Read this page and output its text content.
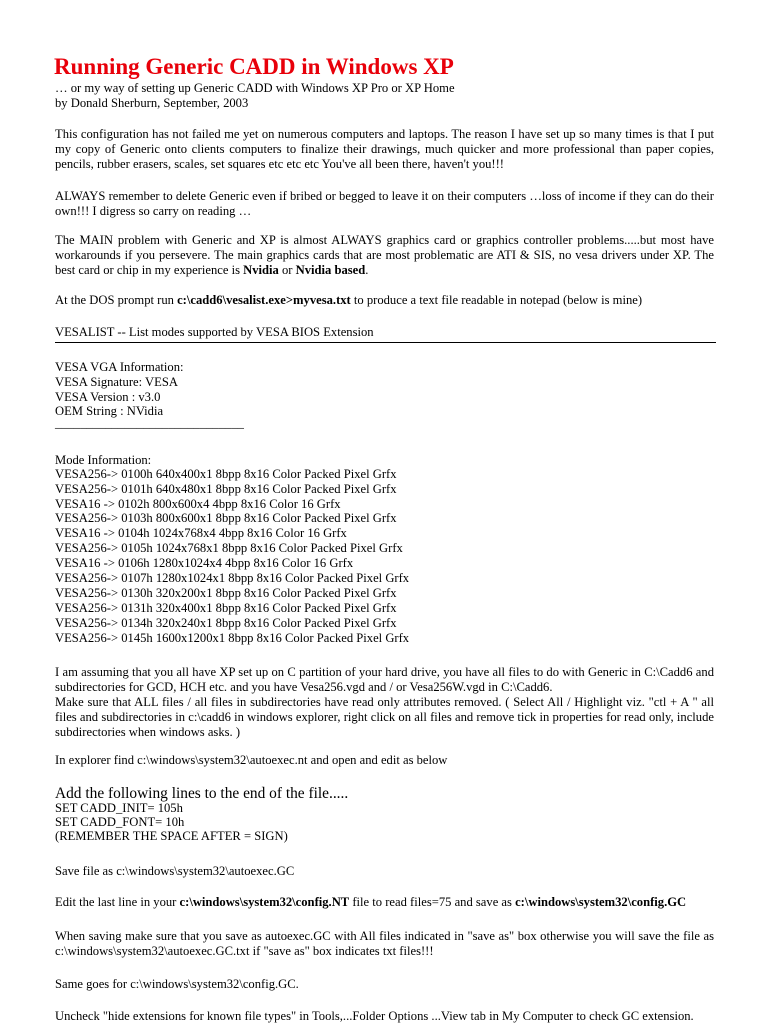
Running Generic CADD in Windows XP
… or my way of setting up Generic CADD with Windows XP Pro or XP Home
by Donald Sherburn, September, 2003
This configuration has not failed me yet on numerous computers and laptops. The reason I have set up so many times is that I put my copy of Generic onto clients computers to finalize their drawings, much quicker and more professional than paper copies, pencils, rubber erasers, scales, set squares etc etc etc You've all been there, haven't you!!!
ALWAYS remember to delete Generic even if bribed or begged to leave it on their computers …loss of income if they can do their own!!! I digress so carry on reading …
The MAIN problem with Generic and XP is almost ALWAYS graphics card or graphics controller problems.....but most have workarounds if you persevere. The main graphics cards that are most problematic are ATI & SIS, no vesa drivers under XP. The best card or chip in my experience is Nvidia or Nvidia based.
At the DOS prompt run c:\cadd6\vesalist.exe>myvesa.txt to produce a text file readable in notepad (below is mine)
VESALIST -- List modes supported by VESA BIOS Extension
VESA VGA Information:
VESA Signature: VESA
VESA Version : v3.0
OEM String : NVidia
______________________________
Mode Information:
VESA256-> 0100h 640x400x1 8bpp 8x16 Color Packed Pixel Grfx
VESA256-> 0101h 640x480x1 8bpp 8x16 Color Packed Pixel Grfx
VESA16 -> 0102h 800x600x4 4bpp 8x16 Color 16 Grfx
VESA256-> 0103h 800x600x1 8bpp 8x16 Color Packed Pixel Grfx
VESA16 -> 0104h 1024x768x4 4bpp 8x16 Color 16 Grfx
VESA256-> 0105h 1024x768x1 8bpp 8x16 Color Packed Pixel Grfx
VESA16 -> 0106h 1280x1024x4 4bpp 8x16 Color 16 Grfx
VESA256-> 0107h 1280x1024x1 8bpp 8x16 Color Packed Pixel Grfx
VESA256-> 0130h 320x200x1 8bpp 8x16 Color Packed Pixel Grfx
VESA256-> 0131h 320x400x1 8bpp 8x16 Color Packed Pixel Grfx
VESA256-> 0134h 320x240x1 8bpp 8x16 Color Packed Pixel Grfx
VESA256-> 0145h 1600x1200x1 8bpp 8x16 Color Packed Pixel Grfx
I am assuming that you all have XP set up on C partition of your hard drive, you have all files to do with Generic in C:\Cadd6 and subdirectories for GCD, HCH etc. and you have Vesa256.vgd and / or Vesa256W.vgd in C:\Cadd6.
Make sure that ALL files / all files in subdirectories have read only attributes removed. ( Select All / Highlight viz. "ctl + A " all files and subdirectories in c:\cadd6 in windows explorer, right click on all files and remove tick in properties for read only, include subdirectories when windows asks. )
In explorer find c:\windows\system32\autoexec.nt and open and edit as below
Add the following lines to the end of the file.....
SET CADD_INIT= 105h
SET CADD_FONT= 10h
(REMEMBER THE SPACE AFTER = SIGN)
Save file as c:\windows\system32\autoexec.GC
Edit the last line in your c:\windows\system32\config.NT file to read files=75 and save as c:\windows\system32\config.GC
When saving make sure that you save as autoexec.GC with All files indicated in "save as" box otherwise you will save the file as c:\windows\system32\autoexec.GC.txt if "save as" box indicates txt files!!!
Same goes for c:\windows\system32\config.GC.
Uncheck "hide extensions for known file types" in Tools,...Folder Options ...View tab in My Computer to check GC extension.
